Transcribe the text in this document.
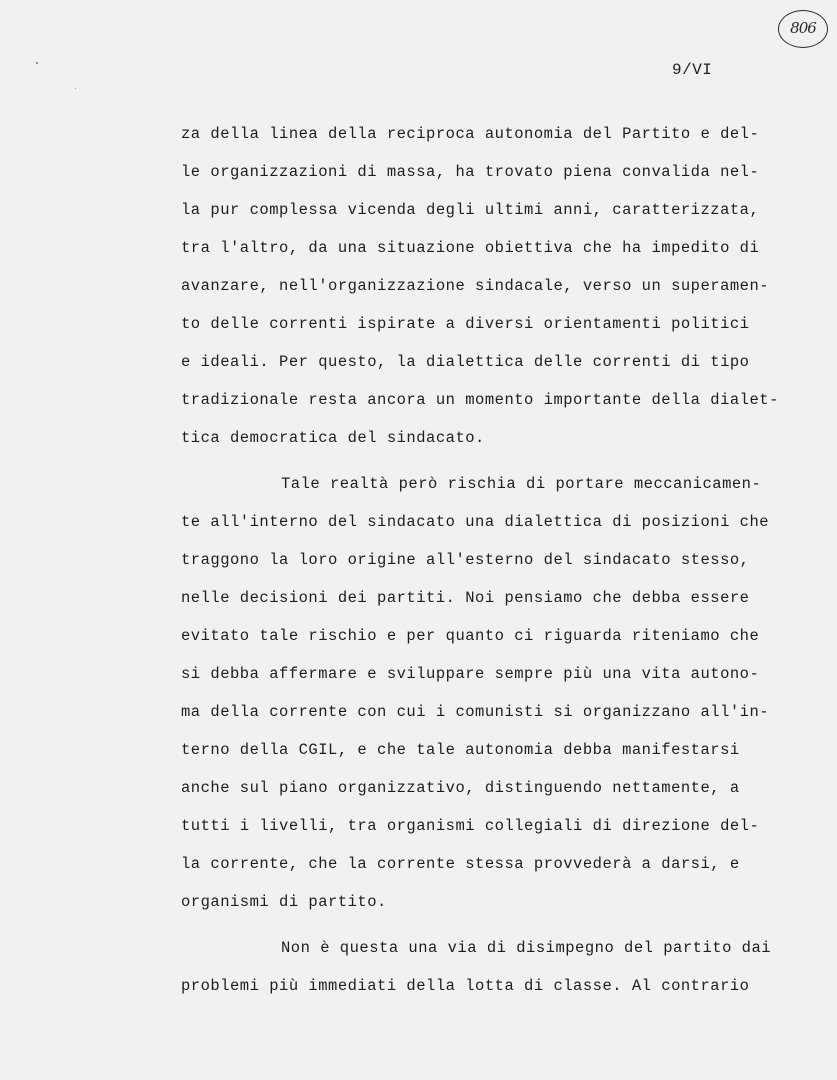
806
9/VI
za della linea della reciproca autonomia del Partito e del-
le organizzazioni di massa, ha trovato piena convalida nel-
la pur complessa vicenda degli ultimi anni, caratterizzata,
tra l'altro, da una situazione obiettiva che ha impedito di
avanzare, nell'organizzazione sindacale, verso un superamen-
to delle correnti ispirate a diversi orientamenti politici
e ideali. Per questo, la dialettica delle correnti di tipo
tradizionale resta ancora un momento importante della dialet-
tica democratica del sindacato.
Tale realtà però rischia di portare meccanicamen-
te all'interno del sindacato una dialettica di posizioni che
traggono la loro origine all'esterno del sindacato stesso,
nelle decisioni dei partiti. Noi pensiamo che debba essere
evitato tale rischio e per quanto ci riguarda riteniamo che
si debba affermare e sviluppare sempre più una vita autono-
ma della corrente con cui i comunisti si organizzano all'in-
terno della CGIL, e che tale autonomia debba manifestarsi
anche sul piano organizzativo, distinguendo nettamente, a
tutti i livelli, tra organismi collegiali di direzione del-
la corrente, che la corrente stessa provvederà a darsi, e
organismi di partito.
Non è questa una via di disimpegno del partito dai
problemi più immediati della lotta di classe. Al contrario
